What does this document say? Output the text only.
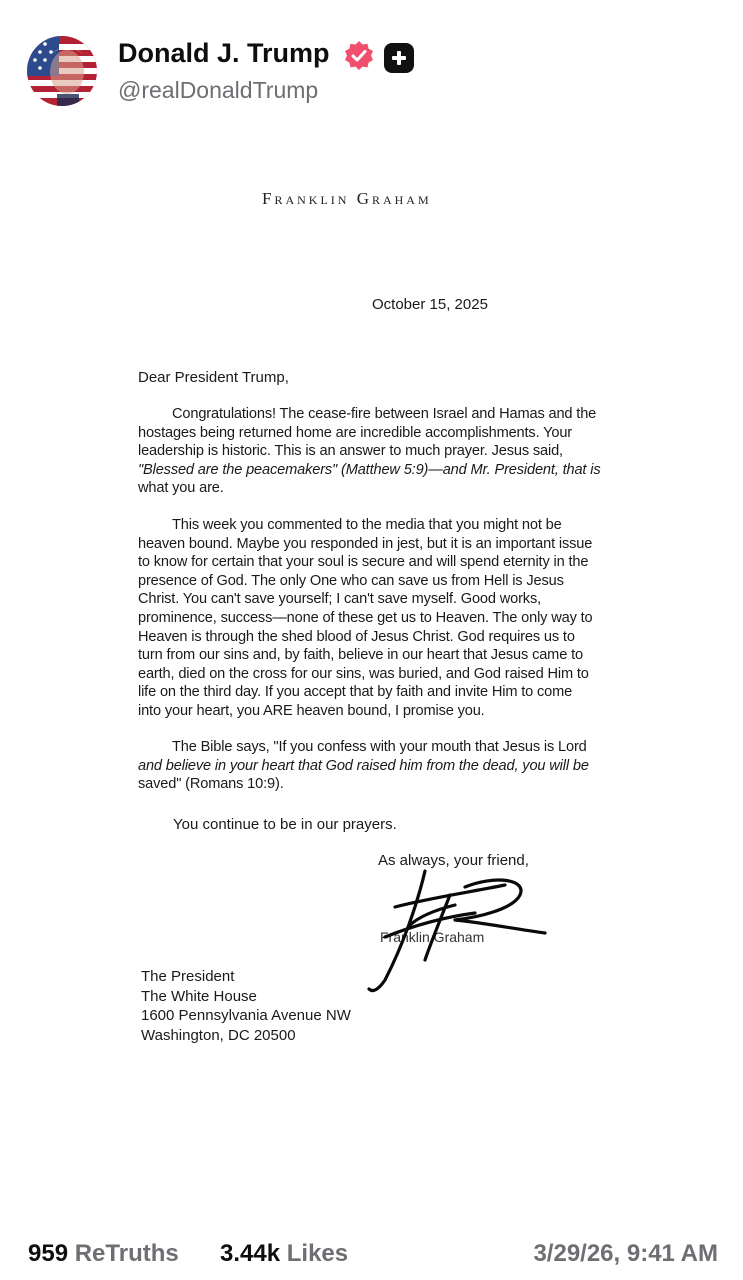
Donald J. Trump
@realDonaldTrump
Franklin Graham
October 15, 2025
Dear President Trump,
Congratulations! The cease-fire between Israel and Hamas and the
hostages being returned home are incredible accomplishments. Your
leadership is historic. This is an answer to much prayer. Jesus said,
"Blessed are the peacemakers" (Matthew 5:9)—and Mr. President, that is
what you are.
This week you commented to the media that you might not be
heaven bound. Maybe you responded in jest, but it is an important issue
to know for certain that your soul is secure and will spend eternity in the
presence of God. The only One who can save us from Hell is Jesus
Christ. You can't save yourself; I can't save myself. Good works,
prominence, success—none of these get us to Heaven. The only way to
Heaven is through the shed blood of Jesus Christ. God requires us to
turn from our sins and, by faith, believe in our heart that Jesus came to
earth, died on the cross for our sins, was buried, and God raised Him to
life on the third day. If you accept that by faith and invite Him to come
into your heart, you ARE heaven bound, I promise you.
The Bible says, "If you confess with your mouth that Jesus is Lord
and believe in your heart that God raised him from the dead, you will be
saved" (Romans 10:9).
You continue to be in our prayers.
As always, your friend,
Franklin Graham
The President
The White House
1600 Pennsylvania Avenue NW
Washington, DC 20500
959 ReTruths 3.44k Likes	3/29/26, 9:41 AM
